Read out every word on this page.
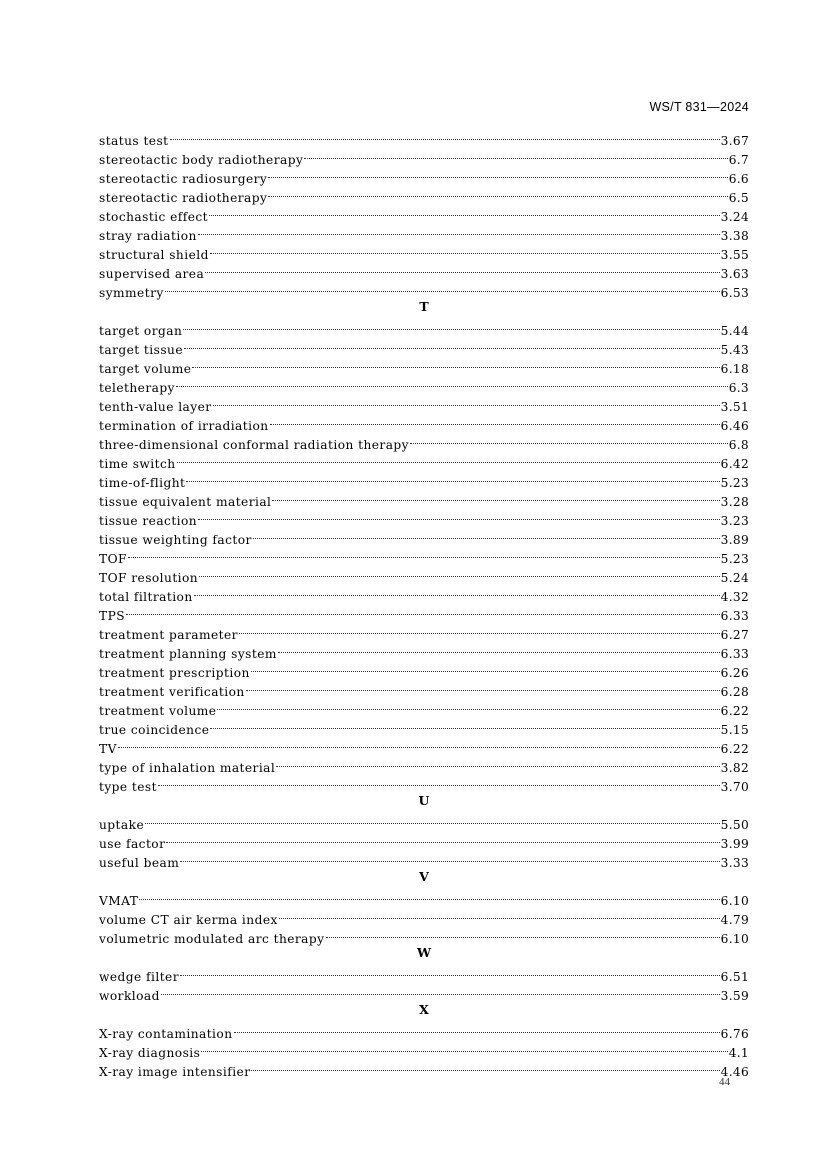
WS/T 831—2024
status test	3.67
stereotactic body radiotherapy	6.7
stereotactic radiosurgery	6.6
stereotactic radiotherapy	6.5
stochastic effect	3.24
stray radiation	3.38
structural shield	3.55
supervised area	3.63
symmetry	6.53
T
target organ	5.44
target tissue	5.43
target volume	6.18
teletherapy	6.3
tenth-value layer	3.51
termination of irradiation	6.46
three-dimensional conformal radiation therapy	6.8
time switch	6.42
time-of-flight	5.23
tissue equivalent material	3.28
tissue reaction	3.23
tissue weighting factor	3.89
TOF	5.23
TOF resolution	5.24
total filtration	4.32
TPS	6.33
treatment parameter	6.27
treatment planning system	6.33
treatment prescription	6.26
treatment verification	6.28
treatment volume	6.22
true coincidence	5.15
TV	6.22
type of inhalation material	3.82
type test	3.70
U
uptake	5.50
use factor	3.99
useful beam	3.33
V
VMAT	6.10
volume CT air kerma index	4.79
volumetric modulated arc therapy	6.10
W
wedge filter	6.51
workload	3.59
X
X-ray contamination	6.76
X-ray diagnosis	4.1
X-ray image intensifier	4.46
44
